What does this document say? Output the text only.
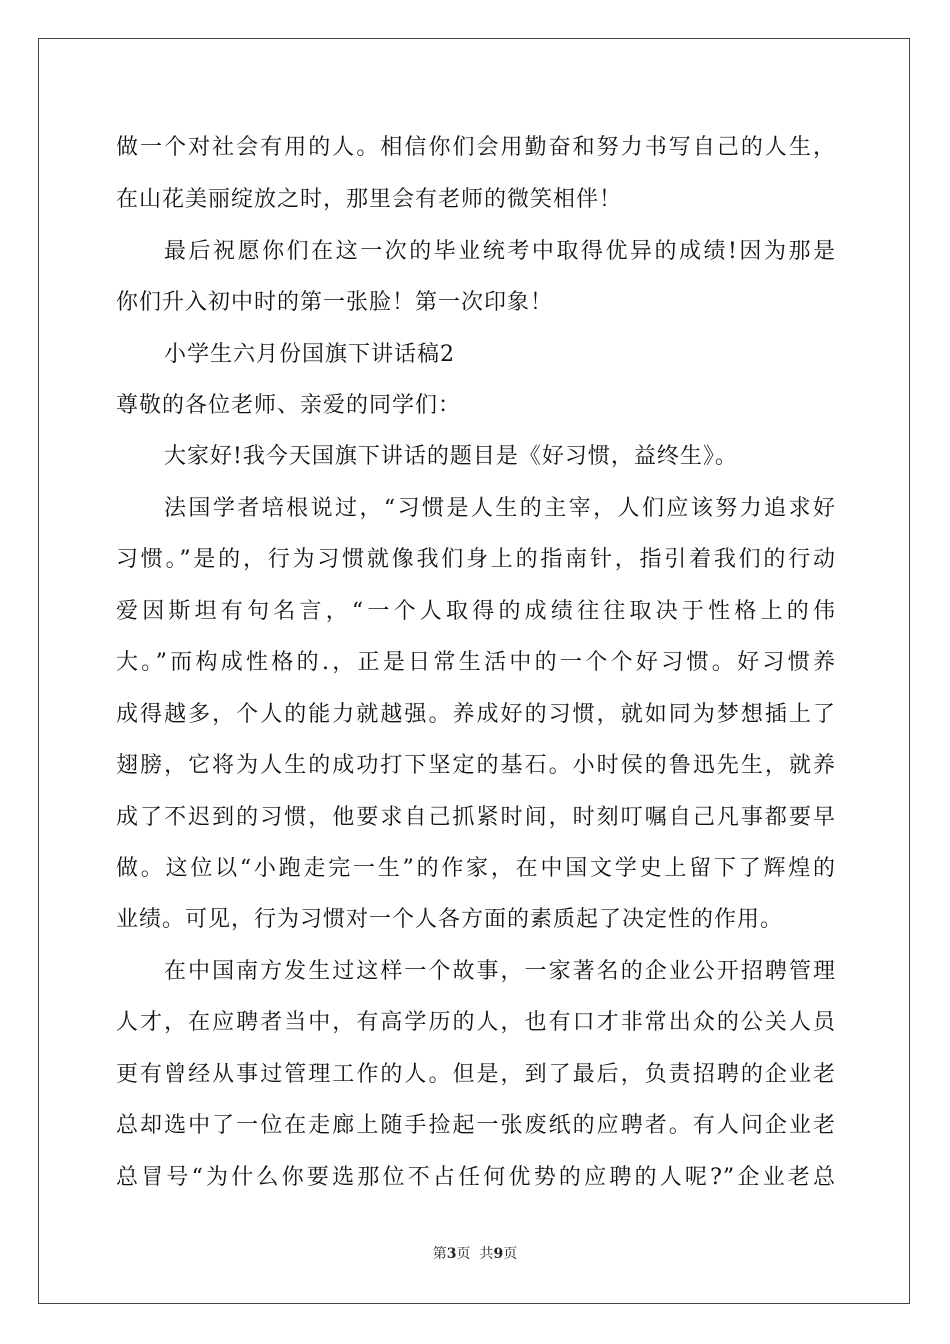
做一个对社会有用的人。相信你们会用勤奋和努力书写自己的人生，
在山花美丽绽放之时，那里会有老师的微笑相伴！
最后祝愿你们在这一次的毕业统考中取得优异的成绩!因为那是
你们升入初中时的第一张脸！第一次印象！
小学生六月份国旗下讲话稿2
尊敬的各位老师、亲爱的同学们：
大家好!我今天国旗下讲话的题目是《好习惯，益终生》。
法国学者培根说过，“习惯是人生的主宰，人们应该努力追求好
习惯。”是的，行为习惯就像我们身上的指南针，指引着我们的行动
爱因斯坦有句名言，“一个人取得的成绩往往取决于性格上的伟
大。”而构成性格的.，正是日常生活中的一个个好习惯。好习惯养
成得越多，个人的能力就越强。养成好的习惯，就如同为梦想插上了
翅膀，它将为人生的成功打下坚定的基石。小时侯的鲁迅先生，就养
成了不迟到的习惯，他要求自己抓紧时间，时刻叮嘱自己凡事都要早
做。这位以“小跑走完一生”的作家，在中国文学史上留下了辉煌的
业绩。可见，行为习惯对一个人各方面的素质起了决定性的作用。
在中国南方发生过这样一个故事，一家著名的企业公开招聘管理
人才，在应聘者当中，有高学历的人，也有口才非常出众的公关人员
更有曾经从事过管理工作的人。但是，到了最后，负责招聘的企业老
总却选中了一位在走廊上随手捡起一张废纸的应聘者。有人问企业老
总冒号“为什么你要选那位不占任何优势的应聘的人呢?”企业老总
第3页  共9页
